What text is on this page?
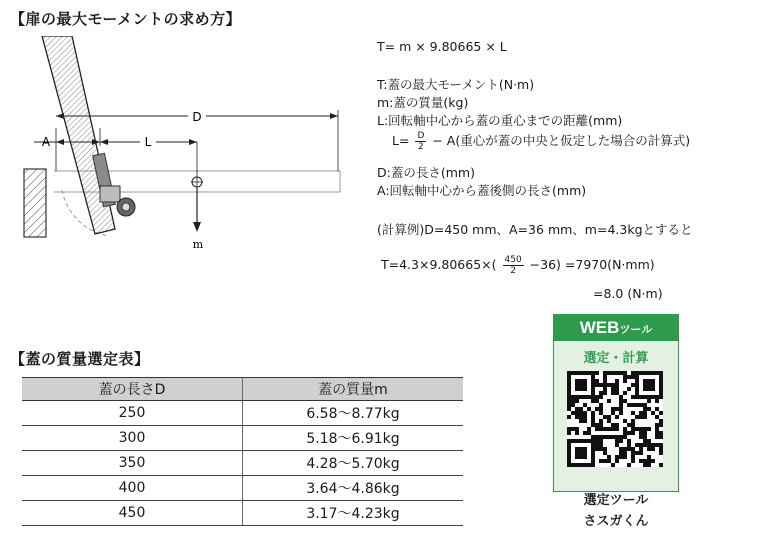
【扉の最大モーメントの求め方】
D
A	L
m
T= m × 9.80665 × L
T:蓋の最大モーメント(N·m)
m:蓋の質量(kg)
L:回転軸中心から蓋の重心までの距離(mm)
$L= \frac{D}{2} - A$(重心が蓋の中央と仮定した場合の計算式)
D:蓋の長さ(mm)
A:回転軸中心から蓋後側の長さ(mm)
(計算例)D=450 mm、A=36 mm、m=4.3kgとすると
$T=4.3\times 9.80665\times( \frac{450}{2} -36) =7970(N\cdot mm)$
=8.0 (N·m)
【蓋の質量選定表】
蓋の長さD	蓋の質量m
250	6.58〜8.77kg
300	5.18〜6.91kg
350	4.28〜5.70kg
400	3.64〜4.86kg
450	3.17〜4.23kg
WEBツール
選定・計算
選定ツール
さスガくん
